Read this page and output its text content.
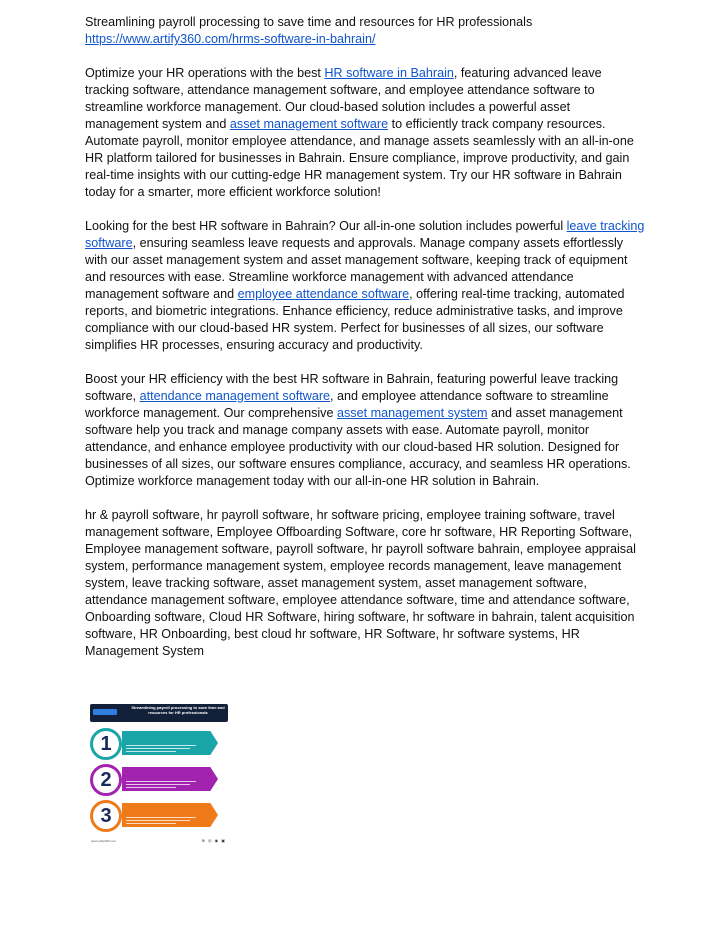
Streamlining payroll processing to save time and resources for HR professionals

https://www.artify360.com/hrms-software-in-bahrain/

Optimize your HR operations with the best HR software in Bahrain, featuring advanced leave tracking software, attendance management software, and employee attendance software to streamline workforce management. Our cloud-based solution includes a powerful asset management system and asset management software to efficiently track company resources. Automate payroll, monitor employee attendance, and manage assets seamlessly with an all-in-one HR platform tailored for businesses in Bahrain. Ensure compliance, improve productivity, and gain real-time insights with our cutting-edge HR management system. Try our HR software in Bahrain today for a smarter, more efficient workforce solution!

Looking for the best HR software in Bahrain? Our all-in-one solution includes powerful leave tracking software, ensuring seamless leave requests and approvals. Manage company assets effortlessly with our asset management system and asset management software, keeping track of equipment and resources with ease. Streamline workforce management with advanced attendance management software and employee attendance software, offering real-time tracking, automated reports, and biometric integrations. Enhance efficiency, reduce administrative tasks, and improve compliance with our cloud-based HR system. Perfect for businesses of all sizes, our software simplifies HR processes, ensuring accuracy and productivity.

Boost your HR efficiency with the best HR software in Bahrain, featuring powerful leave tracking software, attendance management software, and employee attendance software to streamline workforce management. Our comprehensive asset management system and asset management software help you track and manage company assets with ease. Automate payroll, monitor attendance, and enhance employee productivity with our cloud-based HR solution. Designed for businesses of all sizes, our software ensures compliance, accuracy, and seamless HR operations. Optimize workforce management today with our all-in-one HR solution in Bahrain.

hr & payroll software, hr payroll software, hr software pricing, employee training software, travel management software, Employee Offboarding Software, core hr software, HR Reporting Software, Employee management software, payroll software, hr payroll software bahrain, employee appraisal system, performance management system, employee records management, leave management system, leave tracking software, asset management system, asset management software, attendance management software, employee attendance software, time and attendance software, Onboarding software, Cloud HR Software, hiring software, hr software in bahrain, talent acquisition software, HR Onboarding, best cloud hr software, HR Software, hr software systems, HR Management System

Streamlining payroll processing to save time and resources for HR professionals
1
2
3
www.artify360.com	⊕ ◎ ◉ ▣
